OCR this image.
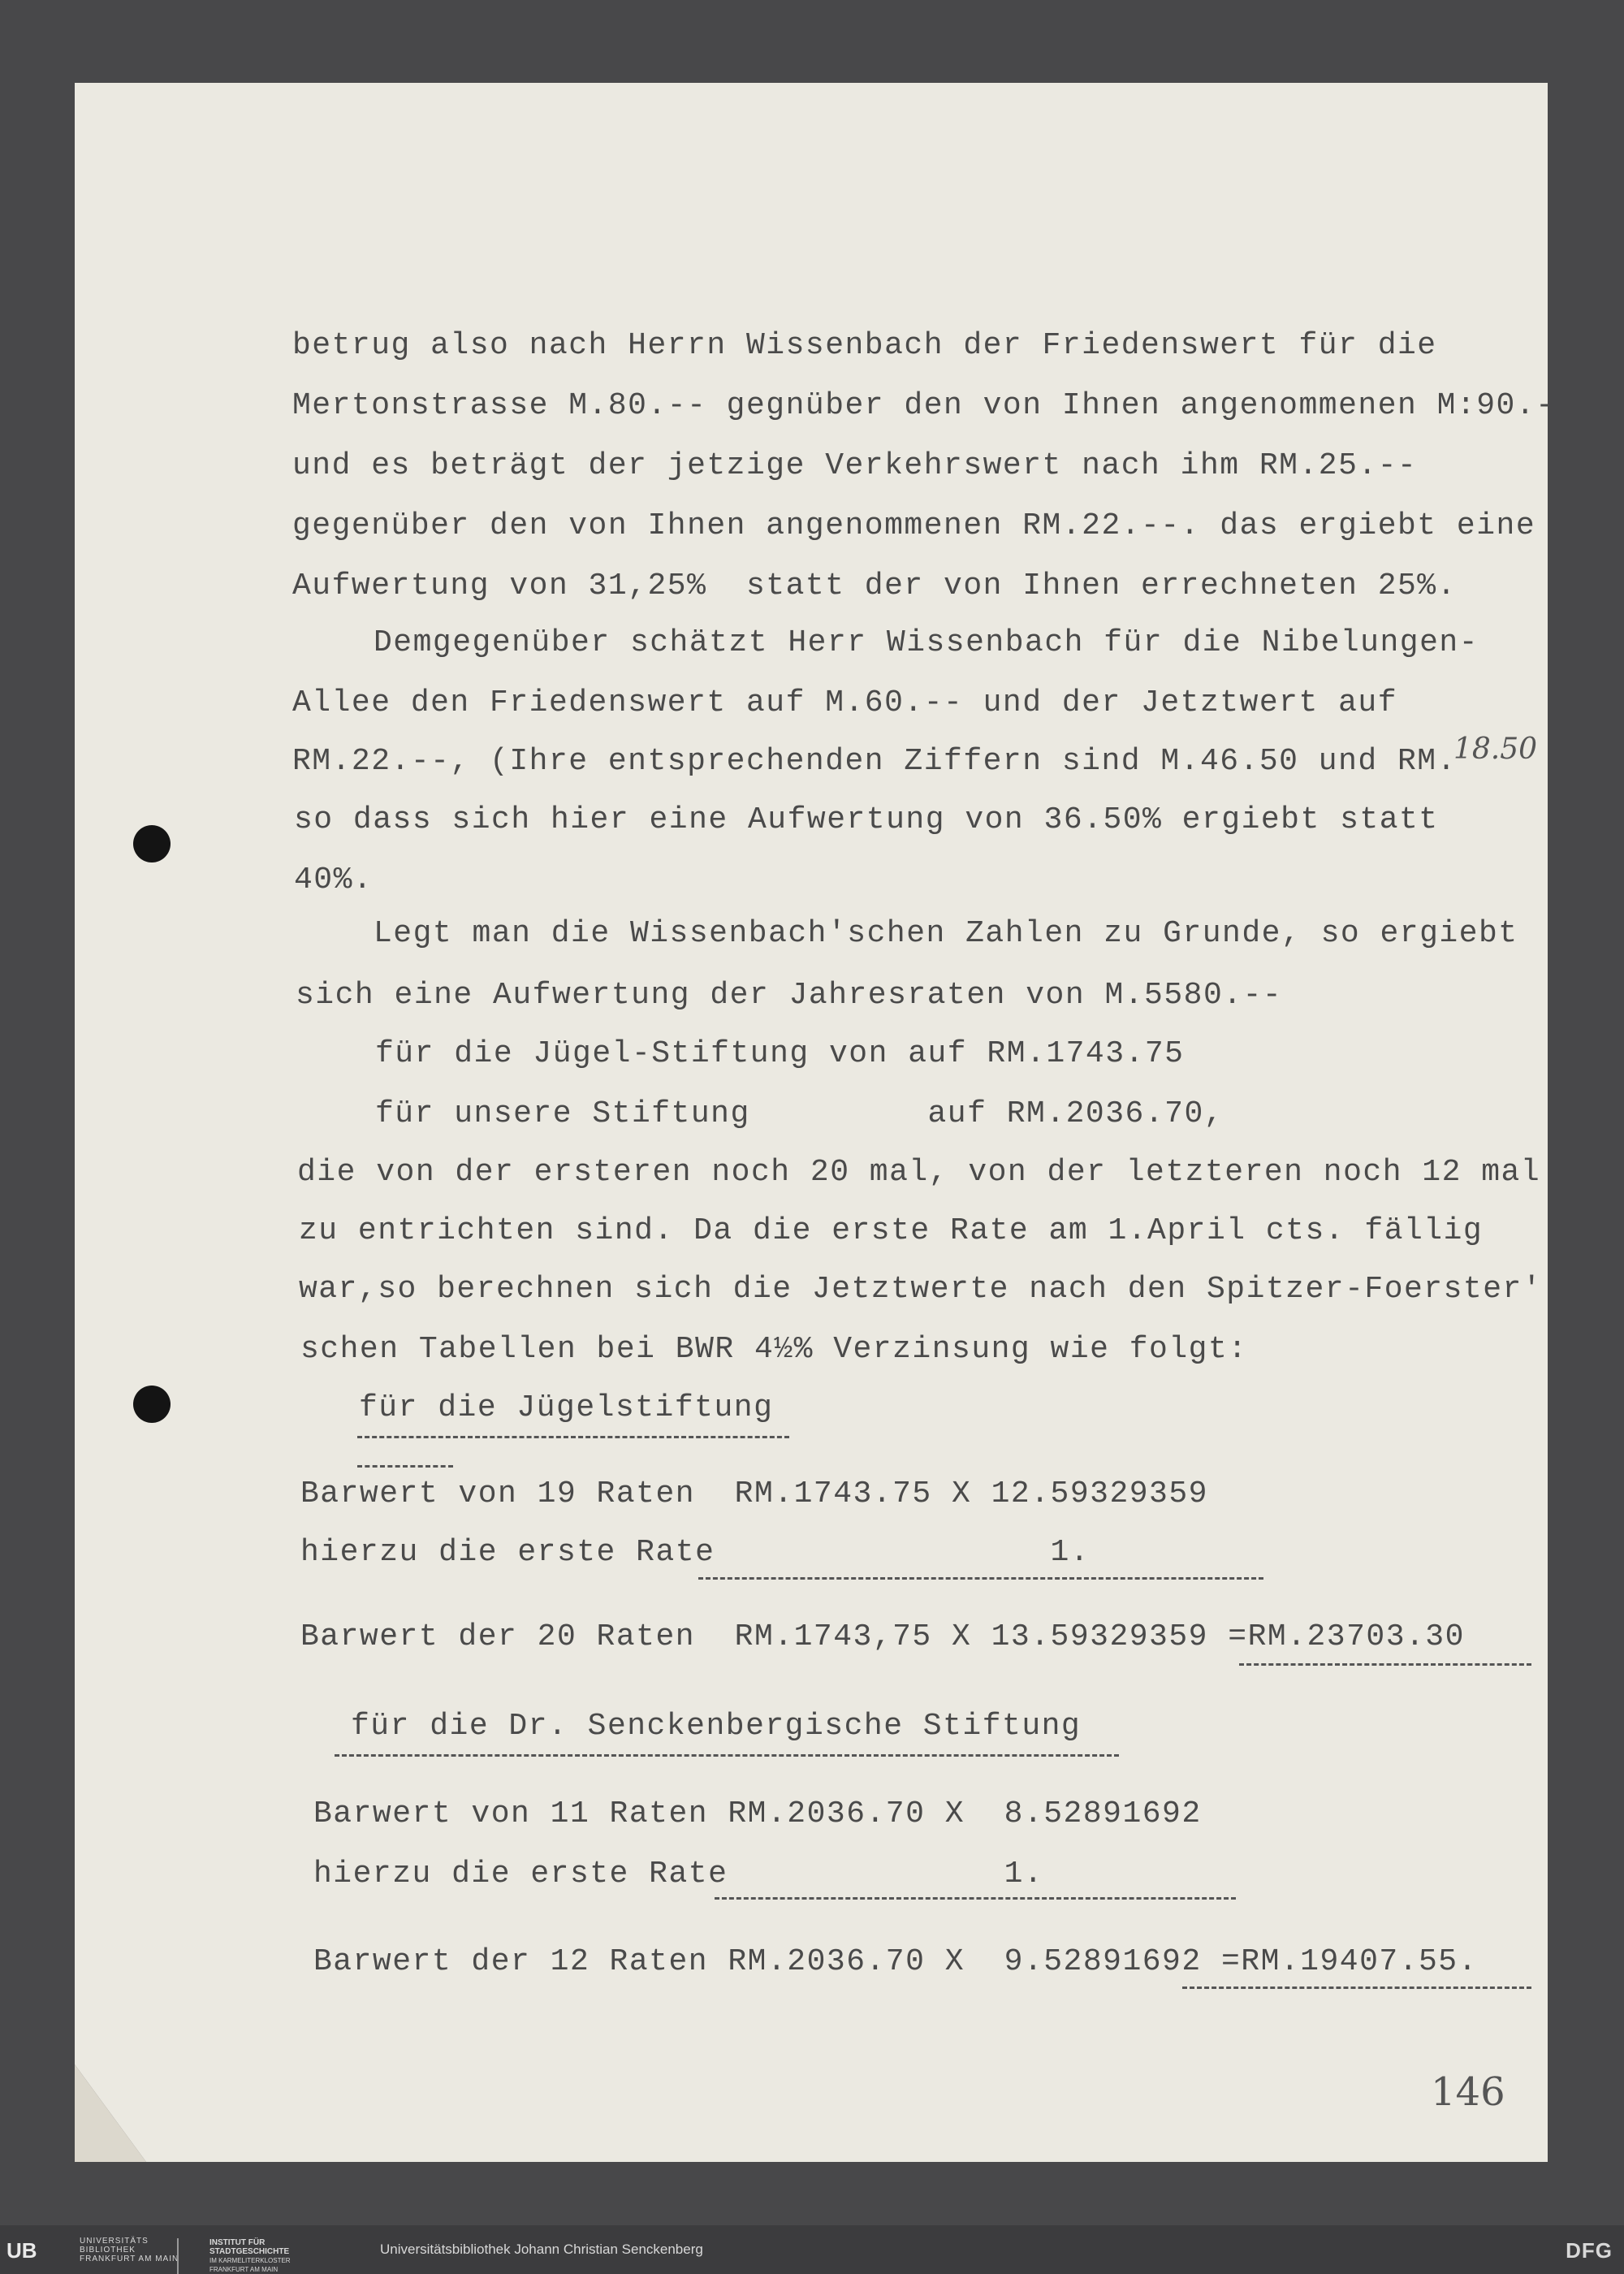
betrug also nach Herrn Wissenbach der Friedenswert für die
Mertonstrasse M.80.-- gegnüber den von Ihnen angenommenen M:90.-
und es beträgt der jetzige Verkehrswert nach ihm RM.25.--
gegenüber den von Ihnen angenommenen RM.22.--. das ergiebt eine
Aufwertung von 31,25%  statt der von Ihnen errechneten 25%.
Demgegenüber schätzt Herr Wissenbach für die Nibelungen-
Allee den Friedenswert auf M.60.-- und der Jetztwert auf
RM.22.--, (Ihre entsprechenden Ziffern sind M.46.50 und RM.
18.50
so dass sich hier eine Aufwertung von 36.50% ergiebt statt
40%.
Legt man die Wissenbach'schen Zahlen zu Grunde, so ergiebt
sich eine Aufwertung der Jahresraten von M.5580.--
für die Jügel-Stiftung von auf RM.1743.75
für unsere Stiftung         auf RM.2036.70,
die von der ersteren noch 20 mal, von der letzteren noch 12 mal
zu entrichten sind. Da die erste Rate am 1.April cts. fällig
war,so berechnen sich die Jetztwerte nach den Spitzer-Foerster'
schen Tabellen bei BWR 4½% Verzinsung wie folgt:
für die Jügelstiftung
Barwert von 19 Raten  RM.1743.75 X 12.59329359
hierzu die erste Rate                 1.
Barwert der 20 Raten  RM.1743,75 X 13.59329359 =RM.23703.30
für die Dr. Senckenbergische Stiftung
Barwert von 11 Raten RM.2036.70 X  8.52891692
hierzu die erste Rate              1.
Barwert der 12 Raten RM.2036.70 X  9.52891692 =RM.19407.55.
146
UB	UNIVERSITÄTS
BIBLIOTHEK
FRANKFURT AM MAIN
INSTITUT FÜR
STADTGESCHICHTE
IM KARMELITERKLOSTER
FRANKFURT AM MAIN
Universitätsbibliothek Johann Christian Senckenberg	DFG
